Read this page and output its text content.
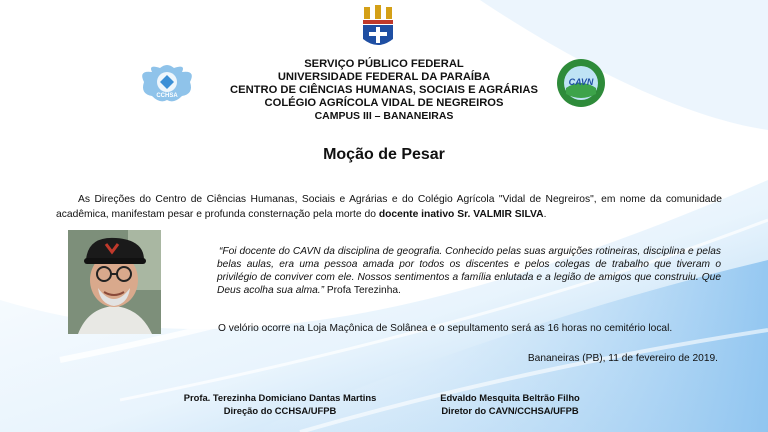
CCHSA
CAVN
SERVIÇO PÚBLICO FEDERAL
UNIVERSIDADE FEDERAL DA PARAÍBA
CENTRO DE CIÊNCIAS HUMANAS, SOCIAIS E AGRÁRIAS
COLÉGIO AGRÍCOLA VIDAL DE NEGREIROS
CAMPUS III – BANANEIRAS
Moção de Pesar
As Direções do Centro de Ciências Humanas, Sociais e Agrárias e do Colégio Agrícola "Vidal de Negreiros", em nome da comunidade acadêmica, manifestam pesar e profunda consternação pela morte do docente inativo Sr. VALMIR SILVA.
“Foi docente do CAVN da disciplina de geografia. Conhecido pelas suas arguições rotineiras, disciplina e pelas belas aulas, era uma pessoa amada por todos os discentes e pelos colegas de trabalho que tiveram o privilégio de conviver com ele. Nossos sentimentos a família enlutada e a legião de amigos que construiu. Que Deus acolha sua alma.” Profa Terezinha.
O velório ocorre na Loja Maçônica de Solânea e o sepultamento será as 16 horas no cemitério local.
Bananeiras (PB), 11 de fevereiro de 2019.
Profa. Terezinha Domiciano Dantas Martins
Direção do CCHSA/UFPB
Edvaldo Mesquita Beltrão Filho
Diretor do CAVN/CCHSA/UFPB
